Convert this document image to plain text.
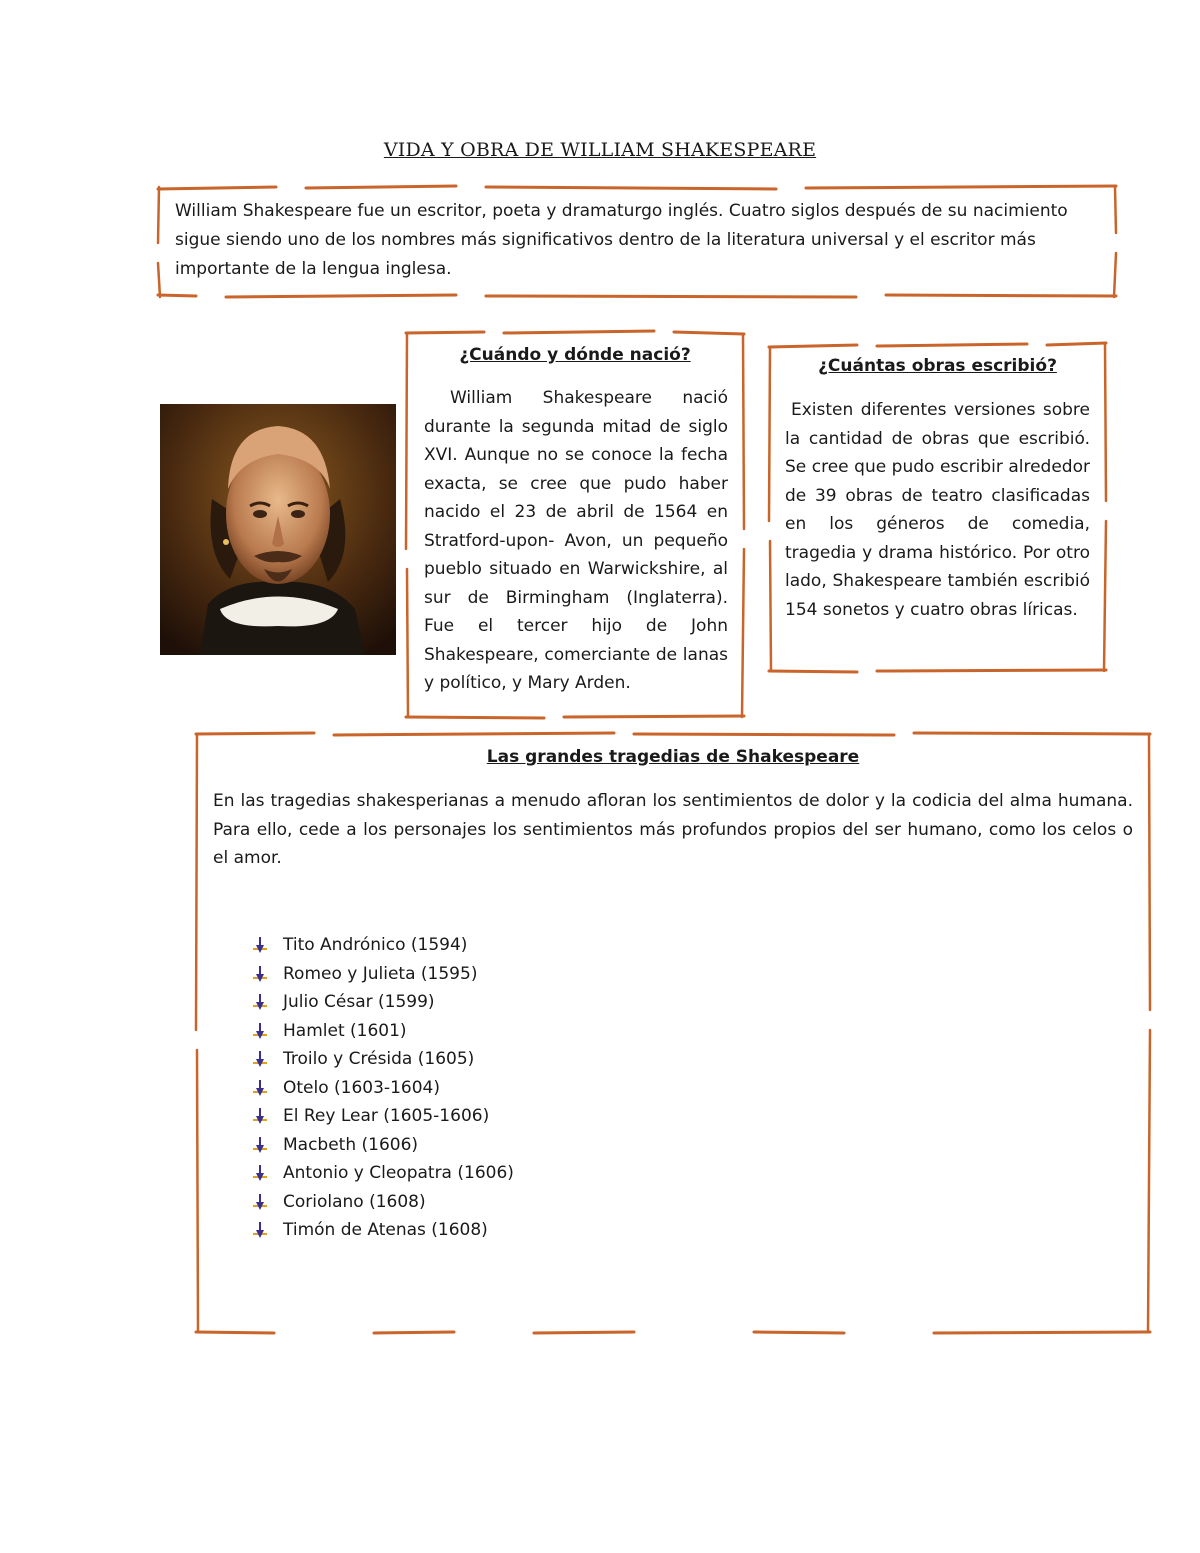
VIDA Y OBRA DE WILLIAM SHAKESPEARE
William Shakespeare fue un escritor, poeta y dramaturgo inglés. Cuatro siglos después de su nacimiento sigue siendo uno de los nombres más significativos dentro de la literatura universal y el escritor más importante de la lengua inglesa.
¿Cuándo y dónde nació?
William Shakespeare nació durante la segunda mitad de siglo XVI. Aunque no se conoce la fecha exacta, se cree que pudo haber nacido el 23 de abril de 1564 en Stratford-upon- Avon, un pequeño pueblo situado en Warwickshire, al sur de Birmingham (Inglaterra). Fue el tercer hijo de John Shakespeare, comerciante de lanas y político, y Mary Arden.
¿Cuántas obras escribió?
Existen diferentes versiones sobre la cantidad de obras que escribió. Se cree que pudo escribir alrededor de 39 obras de teatro clasificadas en los géneros de comedia, tragedia y drama histórico. Por otro lado, Shakespeare también escribió 154 sonetos y cuatro obras líricas.
Las grandes tragedias de Shakespeare
En las tragedias shakesperianas a menudo afloran los sentimientos de dolor y la codicia del alma humana. Para ello, cede a los personajes los sentimientos más profundos propios del ser humano, como los celos o el amor.
Tito Andrónico (1594)
Romeo y Julieta (1595)
Julio César (1599)
Hamlet (1601)
Troilo y Crésida (1605)
Otelo (1603-1604)
El Rey Lear (1605-1606)
Macbeth (1606)
Antonio y Cleopatra (1606)
Coriolano (1608)
Timón de Atenas (1608)
